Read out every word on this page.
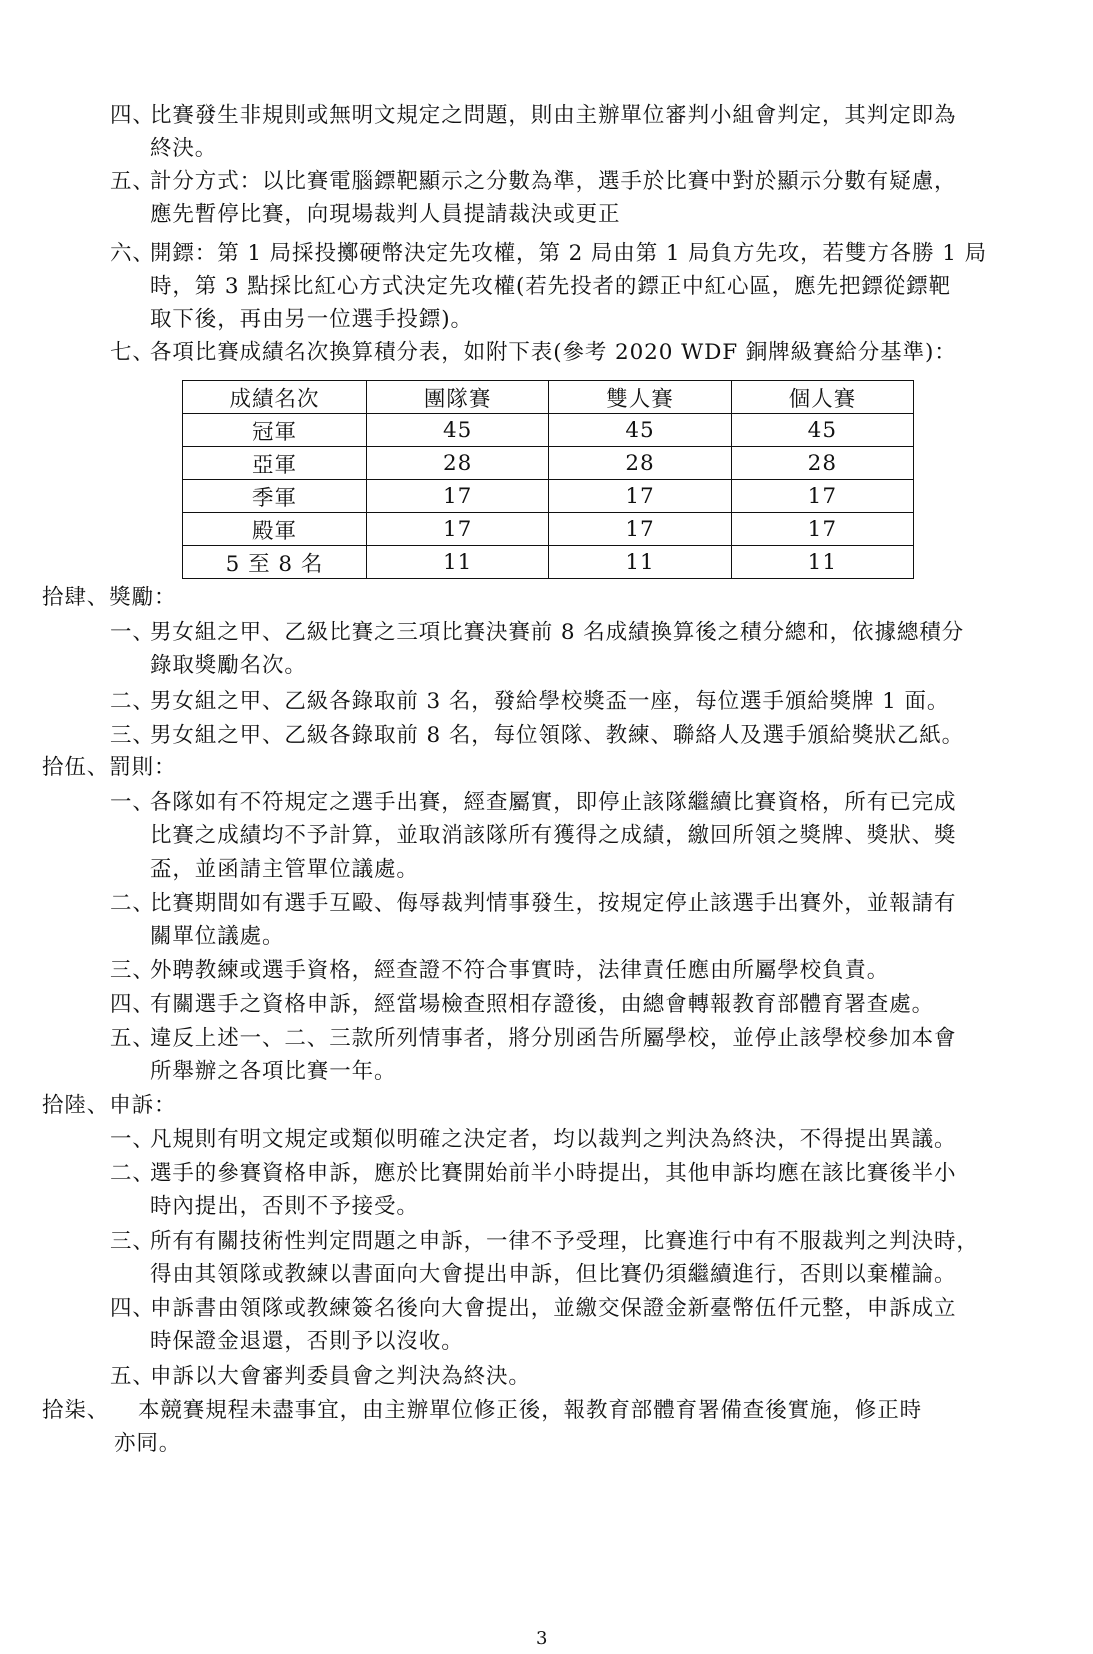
四、
比賽發生非規則或無明文規定之問題，則由主辦單位審判小組會判定，其判定即為
終決。
五、
計分方式：以比賽電腦鏢靶顯示之分數為準，選手於比賽中對於顯示分數有疑慮，
應先暫停比賽，向現場裁判人員提請裁決或更正
六、
開鏢：第 1 局採投擲硬幣決定先攻權，第 2 局由第 1 局負方先攻，若雙方各勝 1 局
時，第 3 點採比紅心方式決定先攻權(若先投者的鏢正中紅心區，應先把鏢從鏢靶
取下後，再由另一位選手投鏢)。
七、
各項比賽成績名次換算積分表，如附下表(參考 2020 WDF 銅牌級賽給分基準)：
成績名次	團隊賽	雙人賽	個人賽
冠軍	45	45	45
亞軍	28	28	28
季軍	17	17	17
殿軍	17	17	17
5 至 8 名	11	11	11
拾肆、獎勵：
一、
男女組之甲、乙級比賽之三項比賽決賽前 8 名成績換算後之積分總和，依據總積分
錄取獎勵名次。
二、
男女組之甲、乙級各錄取前 3 名，發給學校獎盃一座，每位選手頒給獎牌 1 面。
三、
男女組之甲、乙級各錄取前 8 名，每位領隊、教練、聯絡人及選手頒給獎狀乙紙。
拾伍、罰則：
一、
各隊如有不符規定之選手出賽，經查屬實，即停止該隊繼續比賽資格，所有已完成
比賽之成績均不予計算，並取消該隊所有獲得之成績，繳回所領之獎牌、獎狀、獎
盃，並函請主管單位議處。
二、
比賽期間如有選手互毆、侮辱裁判情事發生，按規定停止該選手出賽外，並報請有
關單位議處。
三、
外聘教練或選手資格，經查證不符合事實時，法律責任應由所屬學校負責。
四、
有關選手之資格申訴，經當場檢查照相存證後，由總會轉報教育部體育署查處。
五、
違反上述一、二、三款所列情事者，將分別函告所屬學校，並停止該學校參加本會
所舉辦之各項比賽一年。
拾陸、申訴：
一、
凡規則有明文規定或類似明確之決定者，均以裁判之判決為終決，不得提出異議。
二、
選手的參賽資格申訴，應於比賽開始前半小時提出，其他申訴均應在該比賽後半小
時內提出，否則不予接受。
三、
所有有關技術性判定問題之申訴，一律不予受理，比賽進行中有不服裁判之判決時，
得由其領隊或教練以書面向大會提出申訴，但比賽仍須繼續進行，否則以棄權論。
四、
申訴書由領隊或教練簽名後向大會提出，並繳交保證金新臺幣伍仟元整，申訴成立
時保證金退還，否則予以沒收。
五、
申訴以大會審判委員會之判決為終決。
拾柒、 本競賽規程未盡事宜，由主辦單位修正後，報教育部體育署備查後實施，修正時
亦同。
3
